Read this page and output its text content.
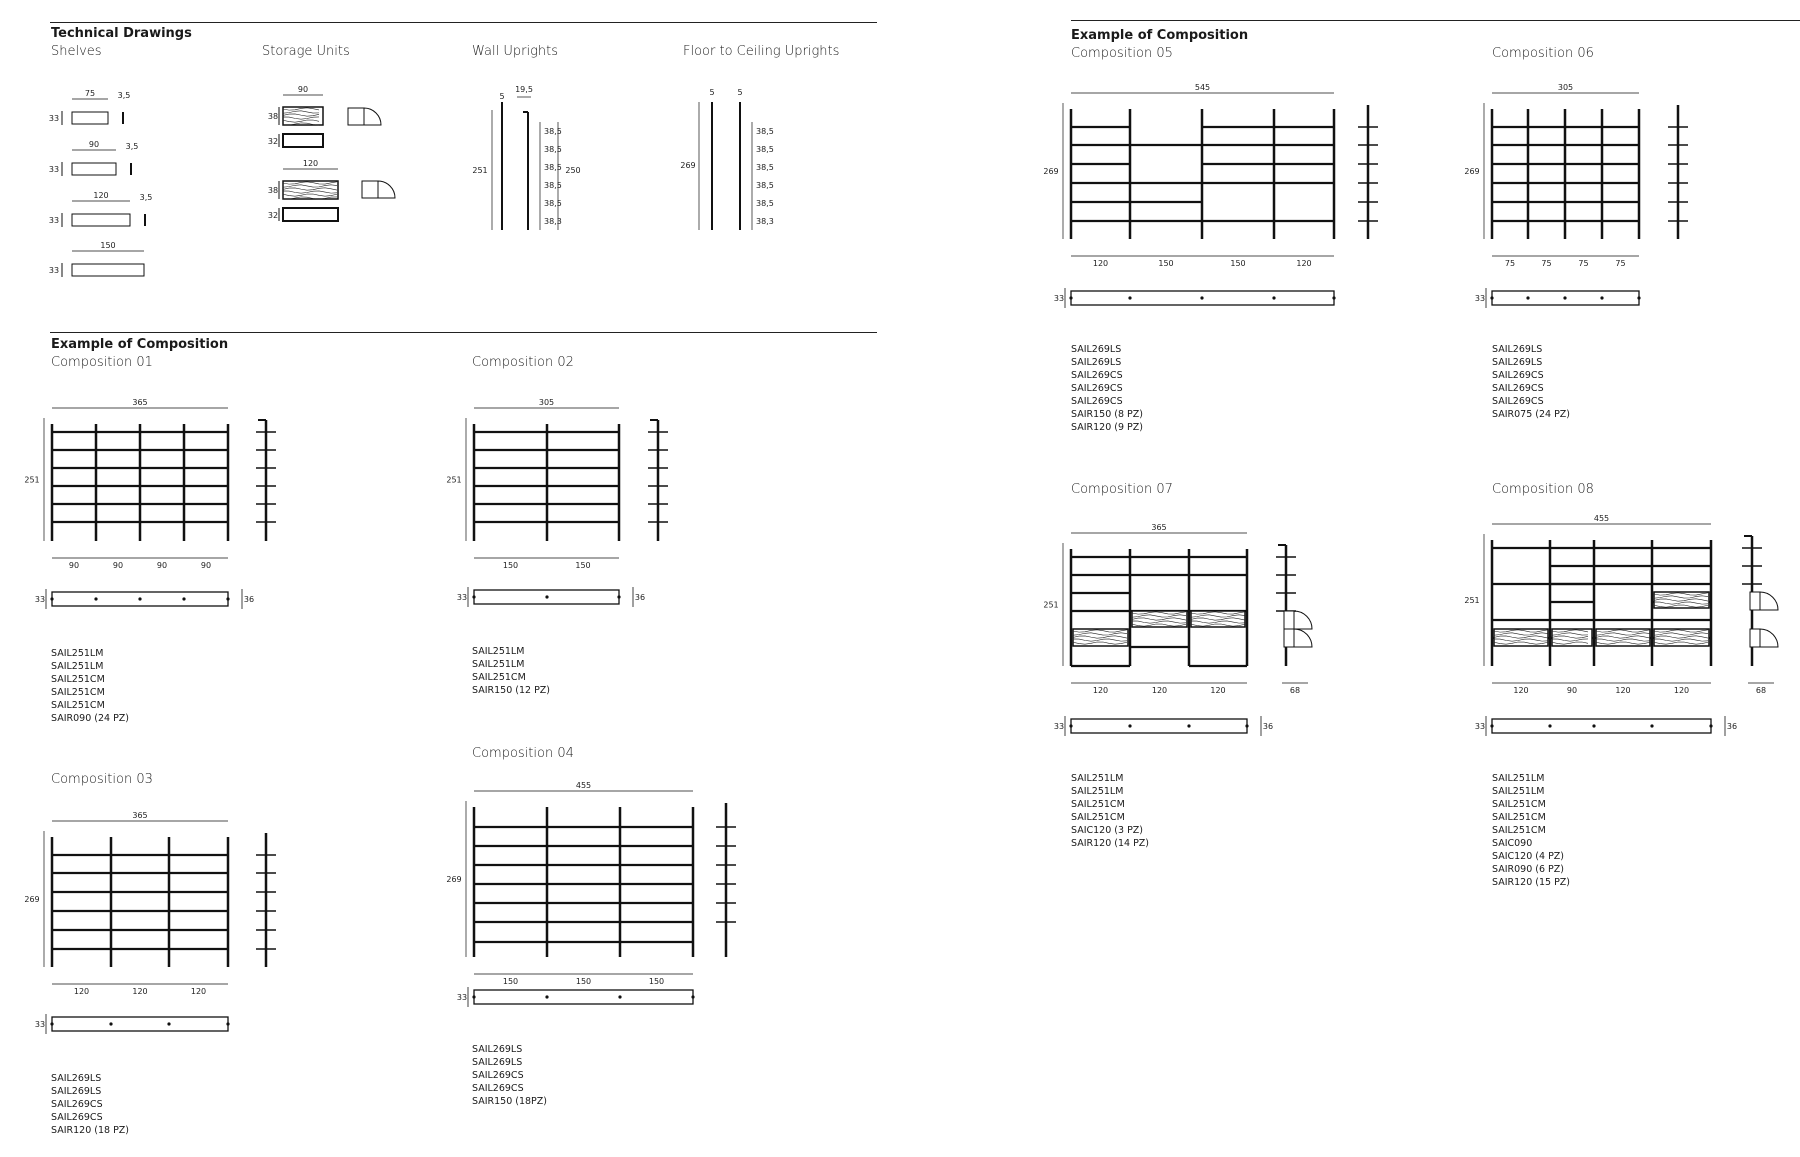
Technical Drawings
Shelves	Storage Units	Wall Uprights	Floor to Ceiling Uprights
Example of Composition
Example of Composition
Composition 01	Composition 02
Composition 03
Composition 04
Composition 05	Composition 06
Composition 07	Composition 08
SAIL251LM
SAIL251LM
SAIL251CM
SAIL251CM
SAIL251CM
SAIR090 (24 PZ)
SAIL251LM
SAIL251LM
SAIL251CM
SAIR150 (12 PZ)
SAIL269LS
SAIL269LS
SAIL269CS
SAIL269CS
SAIR120 (18 PZ)
SAIL269LS
SAIL269LS
SAIL269CS
SAIL269CS
SAIR150 (18PZ)
SAIL269LS
SAIL269LS
SAIL269CS
SAIL269CS
SAIL269CS
SAIR150 (8 PZ)
SAIR120 (9 PZ)
SAIL269LS
SAIL269LS
SAIL269CS
SAIL269CS
SAIL269CS
SAIR075 (24 PZ)
SAIL251LM
SAIL251LM
SAIL251CM
SAIL251CM
SAIC120 (3 PZ)
SAIR120 (14 PZ)
SAIL251LM
SAIL251LM
SAIL251CM
SAIL251CM
SAIL251CM
SAIC090
SAIC120 (4 PZ)
SAIR090 (6 PZ)
SAIR120 (15 PZ)
33
75	3,5
33
90	3,5
33
120	3,5
33
150
90
38
32
120
38
32
5
19,5
251
38,5
38,5
38,5
38,5
38,5
38,3
250
5	5
269
38,5
38,5
38,5
38,5
38,5
38,3
365
251
90	90	90	90
33	36
305
251
150	150
33	36
365
269
120	120	120
33
455
269
150	150	150
33
545
269
120	150	150	120
33
305
269
75	75	75	75
33
365
251
120	120	120
33	36
68
455
251
120	90	120	120
33	36
68
